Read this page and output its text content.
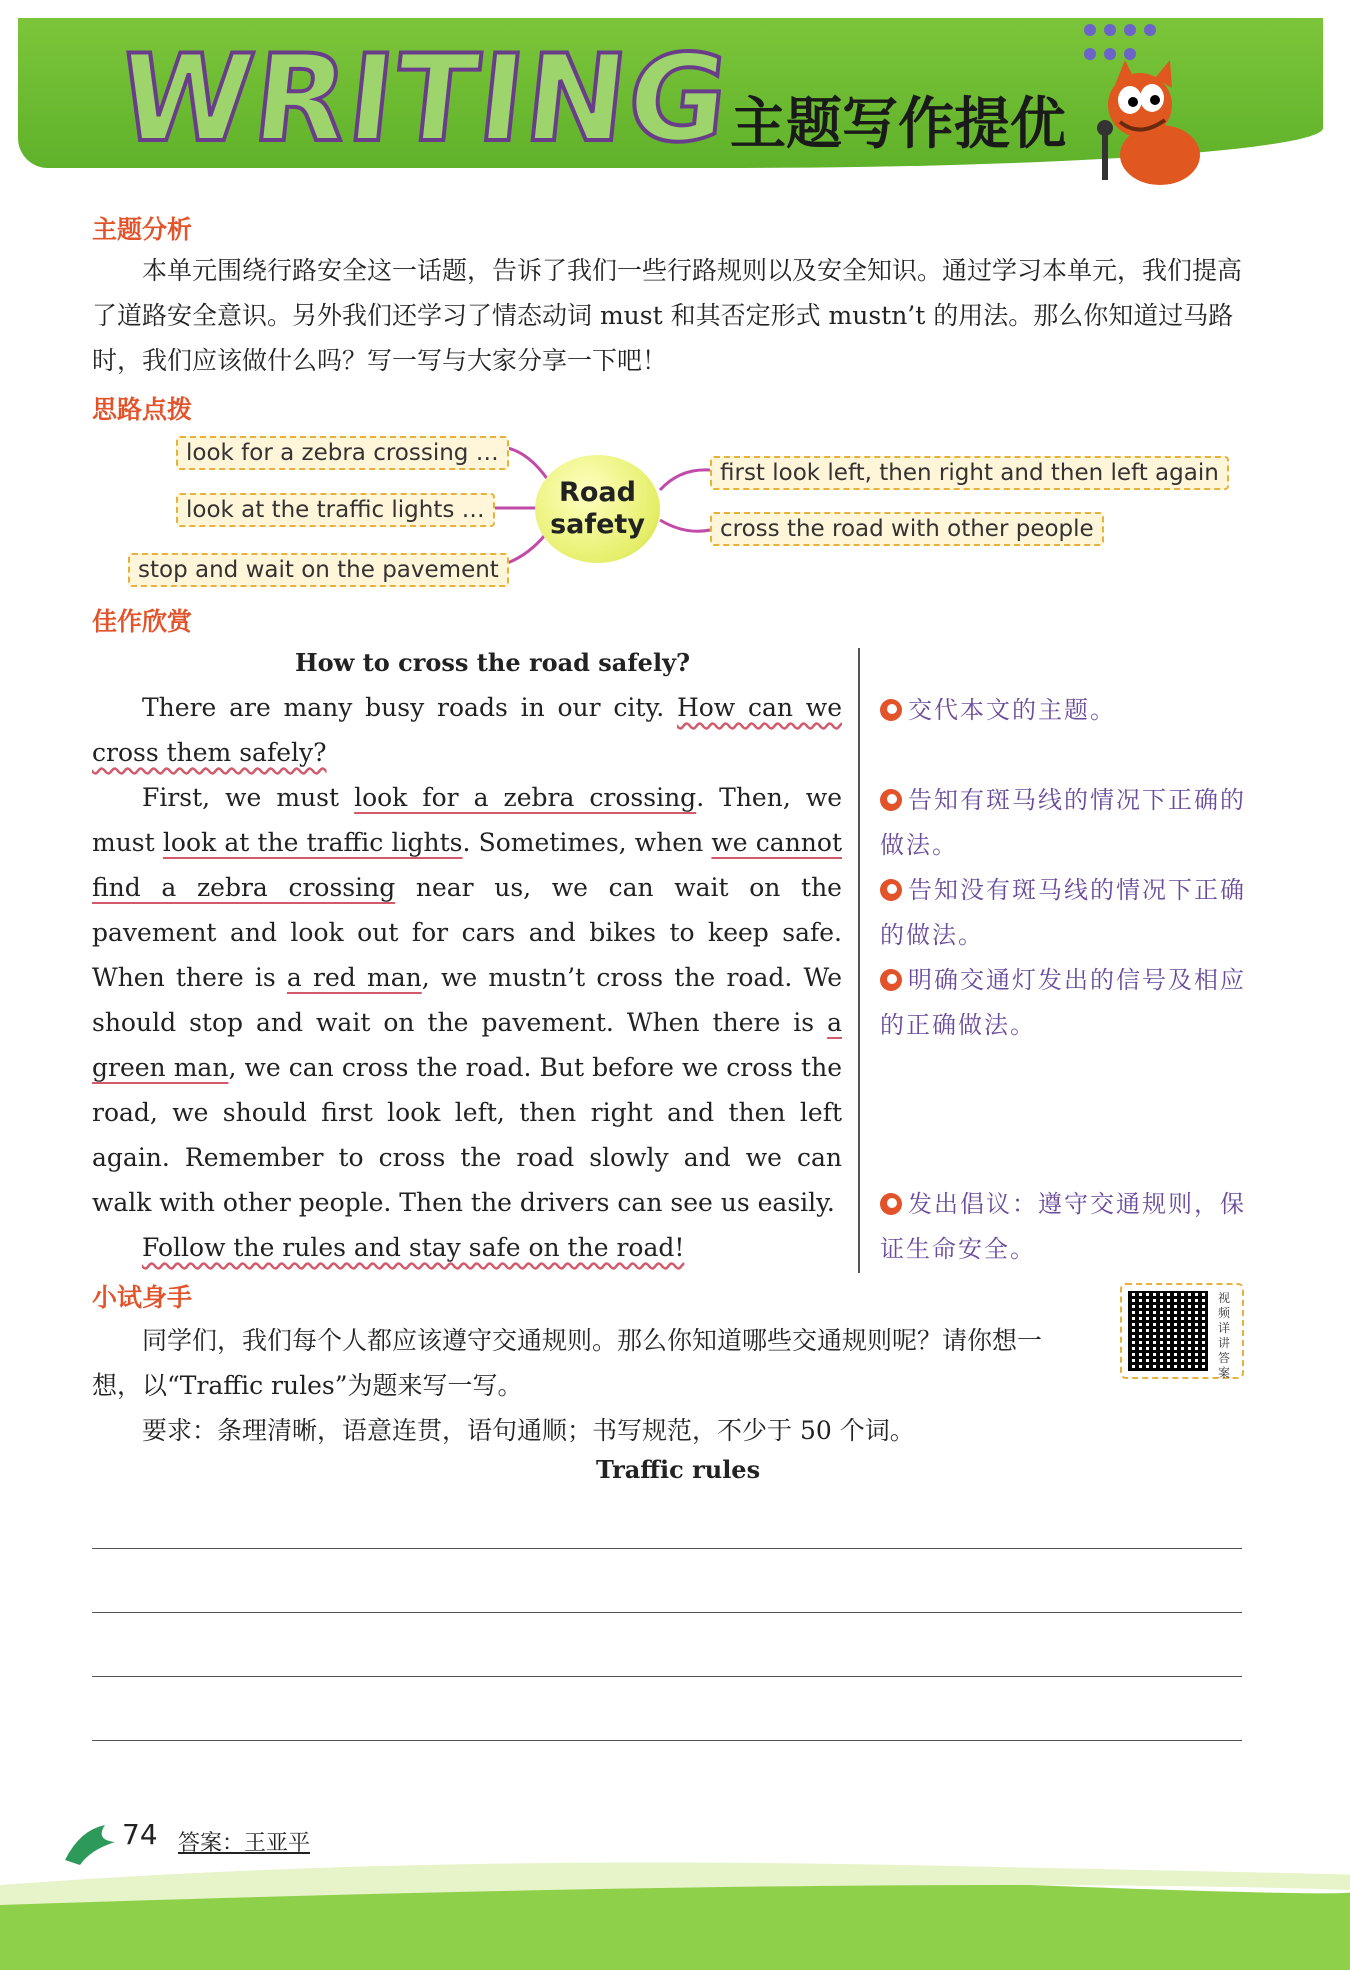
WRITING
主题写作提优

主题分析

本单元围绕行路安全这一话题，告诉了我们一些行路规则以及安全知识。通过学习本单元，我们提高了道路安全意识。另外我们还学习了情态动词 must 和其否定形式 mustn’t 的用法。那么你知道过马路时，我们应该做什么吗？写一写与大家分享一下吧！

思路点拨
look for a zebra crossing …
look at the traffic lights …
stop and wait on the pavement
Road
safety
first look left, then right and then left again
cross the road with other people
佳作欣赏
How to cross the road safely?

There are many busy roads in our city. How can we cross them safely?

First, we must look for a zebra crossing. Then, we must look at the traffic lights. Sometimes, when we cannot find a zebra crossing near us, we can wait on the pavement and look out for cars and bikes to keep safe. When there is a red man, we mustn’t cross the road. We should stop and wait on the pavement. When there is a green man, we can cross the road. But before we cross the road, we should first look left, then right and then left again. Remember to cross the road slowly and we can walk with other people. Then the drivers can see us easily.

Follow the rules and stay safe on the road!

交代本文的主题。
告知有斑马线的情况下正确的做法。
告知没有斑马线的情况下正确的做法。
明确交通灯发出的信号及相应的正确做法。
发出倡议：遵守交通规则，保证生命安全。
小试身手

同学们，我们每个人都应该遵守交通规则。那么你知道哪些交通规则呢？请你想一想，以“Traffic rules”为题来写一写。

要求：条理清晰，语意连贯，语句通顺；书写规范，不少于 50 个词。

视频详讲答案
Traffic rules
74 答案：王亚平
